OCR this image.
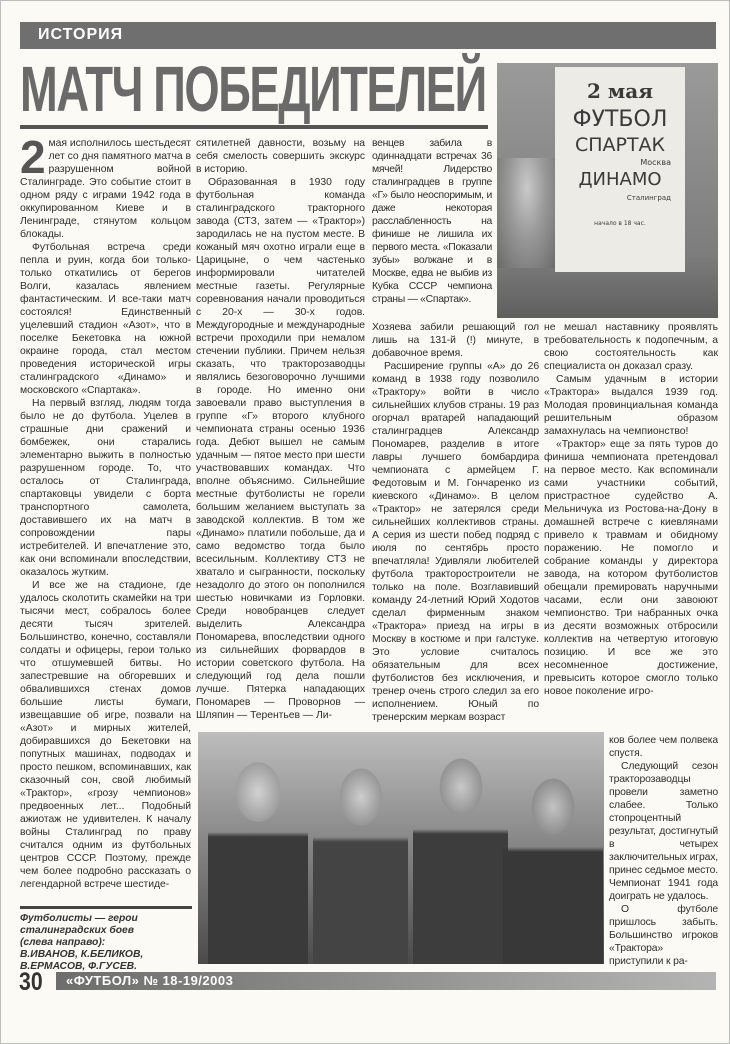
ИСТОРИЯ
МАТЧ ПОБЕДИТЕЛЕЙ	2 мая
ФУТБОЛ
СПАРТАК
Москва
ДИНАМО
Сталинград
начало в 18 час.

2 мая исполнилось шестьдесят лет со дня памятного матча в разрушенном войной Сталинграде. Это событие стоит в одном ряду с играми 1942 года в оккупированном Киеве и в Ленинграде, стянутом кольцом блокады.

Футбольная встреча среди пепла и руин, когда бои только-только откатились от берегов Волги, казалась явлением фантастическим. И все-таки матч состоялся! Единственный уцелевший стадион «Азот», что в поселке Бекетовка на южной окраине города, стал местом проведения исторической игры сталинградского «Динамо» и московского «Спартака».

На первый взгляд, людям тогда было не до футбола. Уцелев в страшные дни сражений и бомбежек, они старались элементарно выжить в полностью разрушенном городе. То, что осталось от Сталинграда, спартаковцы увидели с борта транспортного самолета, доставившего их на матч в сопровождении пары истребителей. И впечатление это, как они вспоминали впоследствии, оказалось жутким.

И все же на стадионе, где удалось сколотить скамейки на три тысячи мест, собралось более десяти тысяч зрителей. Большинство, конечно, составляли солдаты и офицеры, герои только что отшумевшей битвы. Но запестревшие на обгоревших и обвалившихся стенах домов большие листы бумаги, извещавшие об игре, позвали на «Азот» и мирных жителей, добиравшихся до Бекетовки на попутных машинах, подводах и просто пешком, вспоминавших, как сказочный сон, свой любимый «Трактор», «грозу чемпионов» предвоенных лет... Подобный ажиотаж не удивителен. К началу войны Сталинград по праву считался одним из футбольных центров СССР. Поэтому, прежде чем более подробно рассказать о легендарной встрече шестиде-

сятилетней давности, возьму на себя смелость совершить экскурс в историю.

Образованная в 1930 году футбольная команда сталинградского тракторного завода (СТЗ, затем — «Трактор») зародилась не на пустом месте. В кожаный мяч охотно играли еще в Царицыне, о чем частенько информировали читателей местные газеты. Регулярные соревнования начали проводиться с 20-х — 30-х годов. Междугородные и международные встречи проходили при немалом стечении публики. Причем нельзя сказать, что тракторозаводцы являлись безоговорочно лучшими в городе. Но именно они завоевали право выступления в группе «Г» второго клубного чемпионата страны осенью 1936 года. Дебют вышел не самым удачным — пятое место при шести участвовавших командах. Что вполне объяснимо. Сильнейшие местные футболисты не горели большим желанием выступать за заводской коллектив. В том же «Динамо» платили побольше, да и само ведомство тогда было всесильным. Коллективу СТЗ не хватало и сыгранности, поскольку незадолго до этого он пополнился шестью новичками из Горловки. Среди новобранцев следует выделить Александра Пономарева, впоследствии одного из сильнейших форвардов в истории советского футбола. На следующий год дела пошли лучше. Пятерка нападающих Пономарев — Проворнов — Шляпин — Терентьев — Ли-

венцев забила в одиннадцати встречах 36 мячей! Лидерство сталинградцев в группе «Г» было неоспоримым, и даже некоторая расслабленность на финише не лишила их первого места. «Показали зубы» волжане и в Москве, едва не выбив из Кубка СССР чемпиона страны — «Спартак».

Хозяева забили решающий гол лишь на 131-й (!) минуте, в добавочное время.

Расширение группы «А» до 26 команд в 1938 году позволило «Трактору» войти в число сильнейших клубов страны. 19 раз огорчал вратарей нападающий сталинградцев Александр Пономарев, разделив в итоге лавры лучшего бомбардира чемпионата с армейцем Г. Федотовым и М. Гончаренко из киевского «Динамо». В целом «Трактор» не затерялся среди сильнейших коллективов страны. А серия из шести побед подряд с июля по сентябрь просто впечатляла! Удивляли любителей футбола тракторостроители не только на поле. Возглавивший команду 24-летний Юрий Ходотов сделал фирменным знаком «Трактора» приезд на игры в Москву в костюме и при галстуке. Это условие считалось обязательным для всех футболистов без исключения, и тренер очень строго следил за его исполнением. Юный по тренерским меркам возраст

не мешал наставнику проявлять требовательность к подопечным, а свою состоятельность как специалиста он доказал сразу.

Самым удачным в истории «Трактора» выдался 1939 год. Молодая провинциальная команда решительным образом замахнулась на чемпионство!

«Трактор» еще за пять туров до финиша чемпионата претендовал на первое место. Как вспоминали сами участники событий, пристрастное судейство А. Мельничука из Ростова-на-Дону в домашней встрече с киевлянами привело к травмам и обидному поражению. Не помогло и собрание команды у директора завода, на котором футболистов обещали премировать наручными часами, если они завоюют чемпионство. Три набранных очка из десяти возможных отбросили коллектив на четвертую итоговую позицию. И все же это несомненное достижение, превысить которое смогло только новое поколение игро-

ков более чем полвека спустя.

Следующий сезон тракторозаводцы провели заметно слабее. Только стопроцентный результат, достигнутый в четырех заключительных играх, принес седьмое место. Чемпионат 1941 года доиграть не удалось.

О футболе пришлось забыть. Большинство игроков «Трактора» приступили к ра-

Футболисты — герои
сталинградских боев
(слева направо):
В.ИВАНОВ, К.БЕЛИКОВ,
В.ЕРМАСОВ, Ф.ГУСЕВ.
30 «ФУТБОЛ» № 18-19/2003
